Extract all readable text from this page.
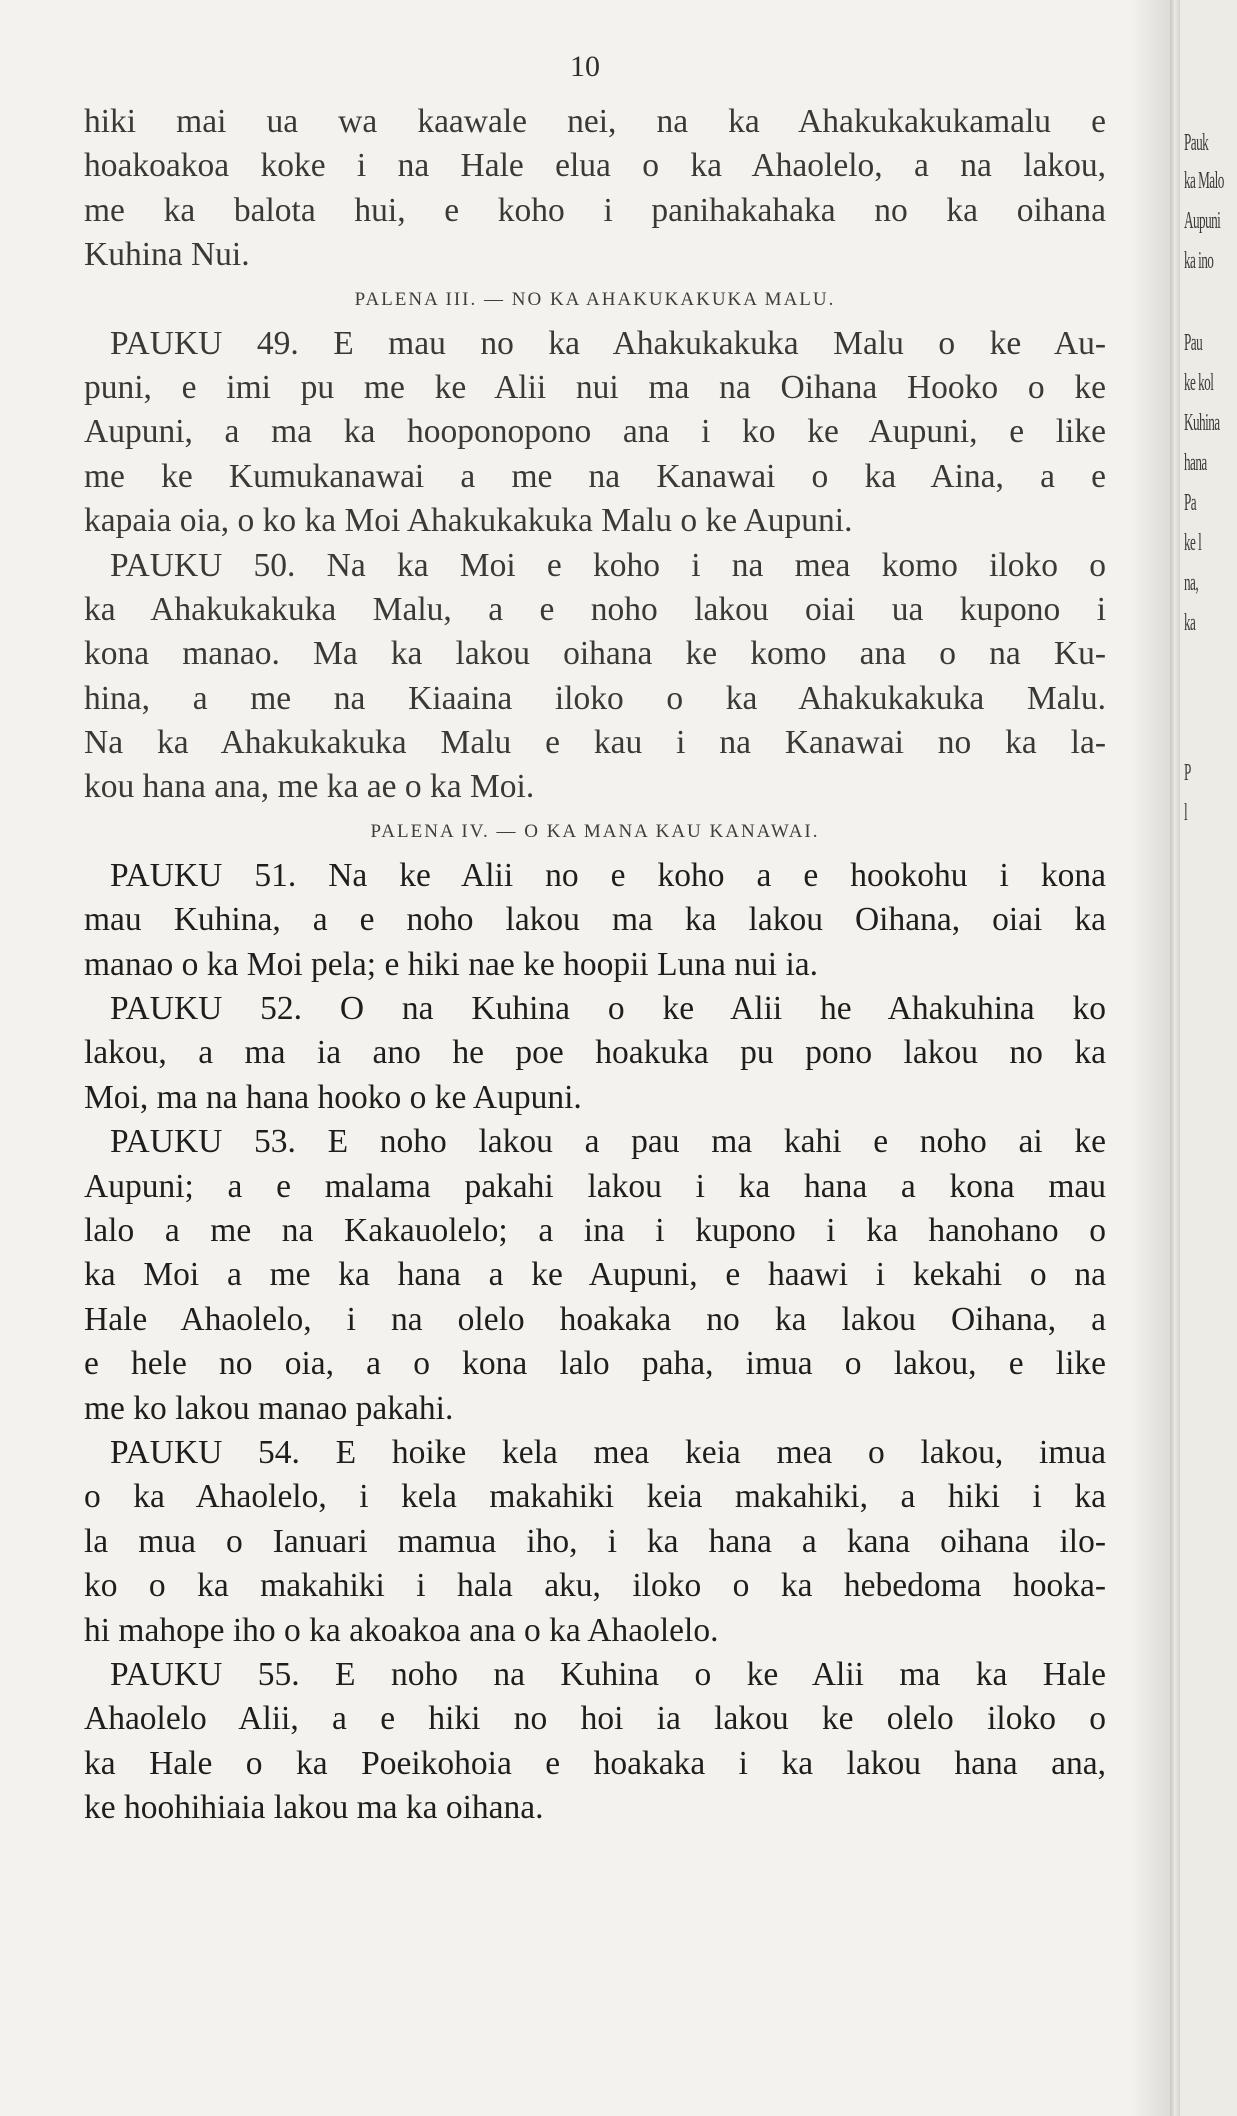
10
hiki mai ua wa kaawale nei, na ka Ahakukakukamalu e
hoakoakoa koke i na Hale elua o ka Ahaolelo, a na lakou,
me ka balota hui, e koho i panihakahaka no ka oihana
Kuhina Nui.
PALENA III. — NO KA AHAKUKAKUKA MALU.
PAUKU 49. E mau no ka Ahakukakuka Malu o ke Au-
puni, e imi pu me ke Alii nui ma na Oihana Hooko o ke
Aupuni, a ma ka hooponopono ana i ko ke Aupuni, e like
me ke Kumukanawai a me na Kanawai o ka Aina, a e
kapaia oia, o ko ka Moi Ahakukakuka Malu o ke Aupuni.
PAUKU 50. Na ka Moi e koho i na mea komo iloko o
ka Ahakukakuka Malu, a e noho lakou oiai ua kupono i
kona manao. Ma ka lakou oihana ke komo ana o na Ku-
hina, a me na Kiaaina iloko o ka Ahakukakuka Malu.
Na ka Ahakukakuka Malu e kau i na Kanawai no ka la-
kou hana ana, me ka ae o ka Moi.
PALENA IV. — O KA MANA KAU KANAWAI.
PAUKU 51. Na ke Alii no e koho a e hookohu i kona
mau Kuhina, a e noho lakou ma ka lakou Oihana, oiai ka
manao o ka Moi pela; e hiki nae ke hoopii Luna nui ia.
PAUKU 52. O na Kuhina o ke Alii he Ahakuhina ko
lakou, a ma ia ano he poe hoakuka pu pono lakou no ka
Moi, ma na hana hooko o ke Aupuni.
PAUKU 53. E noho lakou a pau ma kahi e noho ai ke
Aupuni; a e malama pakahi lakou i ka hana a kona mau
lalo a me na Kakauolelo; a ina i kupono i ka hanohano o
ka Moi a me ka hana a ke Aupuni, e haawi i kekahi o na
Hale Ahaolelo, i na olelo hoakaka no ka lakou Oihana, a
e hele no oia, a o kona lalo paha, imua o lakou, e like
me ko lakou manao pakahi.
PAUKU 54. E hoike kela mea keia mea o lakou, imua
o ka Ahaolelo, i kela makahiki keia makahiki, a hiki i ka
la mua o Ianuari mamua iho, i ka hana a kana oihana ilo-
ko o ka makahiki i hala aku, iloko o ka hebedoma hooka-
hi mahope iho o ka akoakoa ana o ka Ahaolelo.
PAUKU 55. E noho na Kuhina o ke Alii ma ka Hale
Ahaolelo Alii, a e hiki no hoi ia lakou ke olelo iloko o
ka Hale o ka Poeikohoia e hoakaka i ka lakou hana ana,
ke hoohihiaia lakou ma ka oihana.
Pauk
ka Malo
Aupuni
ka ino
Pau
ke kol
Kuhina
hana
Pa
ke l
na,
ka
P
l
